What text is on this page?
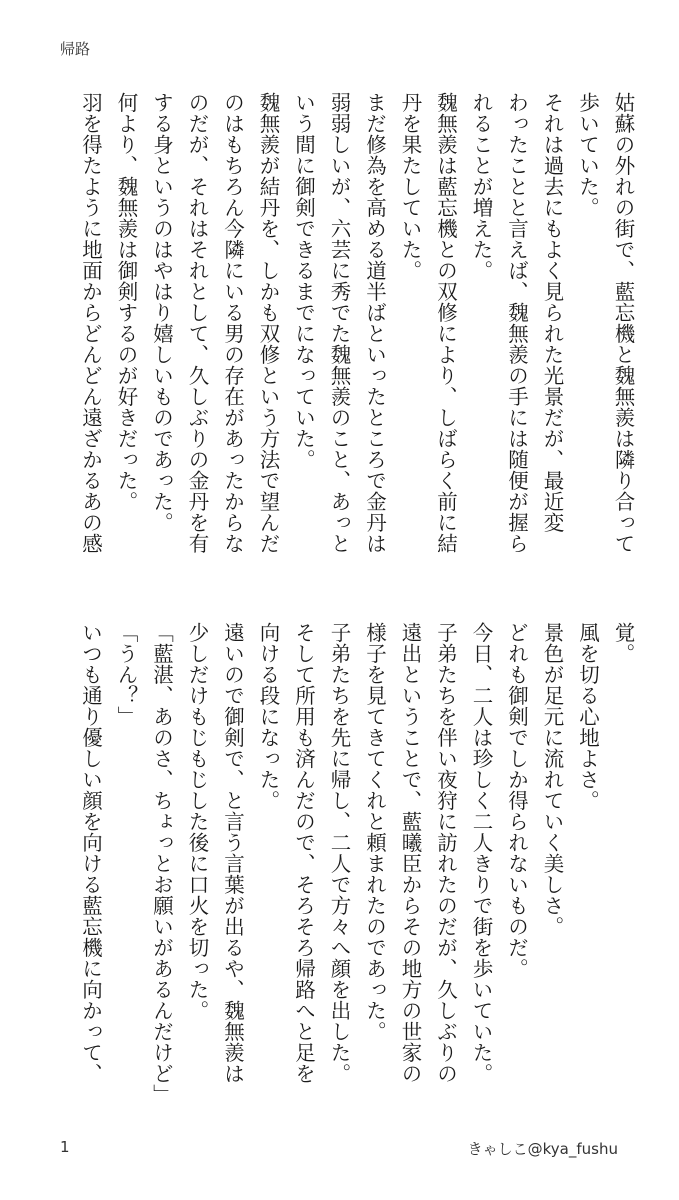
帰路

姑蘇の外れの街で、藍忘機と魏無羨は隣り合って

歩いていた。

それは過去にもよく見られた光景だが、最近変

わったことと言えば、魏無羨の手には随便が握ら

れることが増えた。

魏無羨は藍忘機との双修により、しばらく前に結

丹を果たしていた。

まだ修為を高める道半ばといったところで金丹は

弱弱しいが、六芸に秀でた魏無羨のこと、あっと

いう間に御剣できるまでになっていた。

魏無羨が結丹を、しかも双修という方法で望んだ

のはもちろん今隣にいる男の存在があったからな

のだが、それはそれとして、久しぶりの金丹を有

する身というのはやはり嬉しいものであった。

何より、魏無羨は御剣するのが好きだった。

羽を得たように地面からどんどん遠ざかるあの感

覚。

風を切る心地よさ。

景色が足元に流れていく美しさ。

どれも御剣でしか得られないものだ。

今日、二人は珍しく二人きりで街を歩いていた。

子弟たちを伴い夜狩に訪れたのだが、久しぶりの

遠出ということで、藍曦臣からその地方の世家の

様子を見てきてくれと頼まれたのであった。

子弟たちを先に帰し、二人で方々へ顔を出した。

そして所用も済んだので、そろそろ帰路へと足を

向ける段になった。

遠いので御剣で、と言う言葉が出るや、魏無羨は

少しだけもじもじした後に口火を切った。

「藍湛、あのさ、ちょっとお願いがあるんだけど」

「うん？」

いつも通り優しい顔を向ける藍忘機に向かって、

1	きゃしこ@kya_fushu
